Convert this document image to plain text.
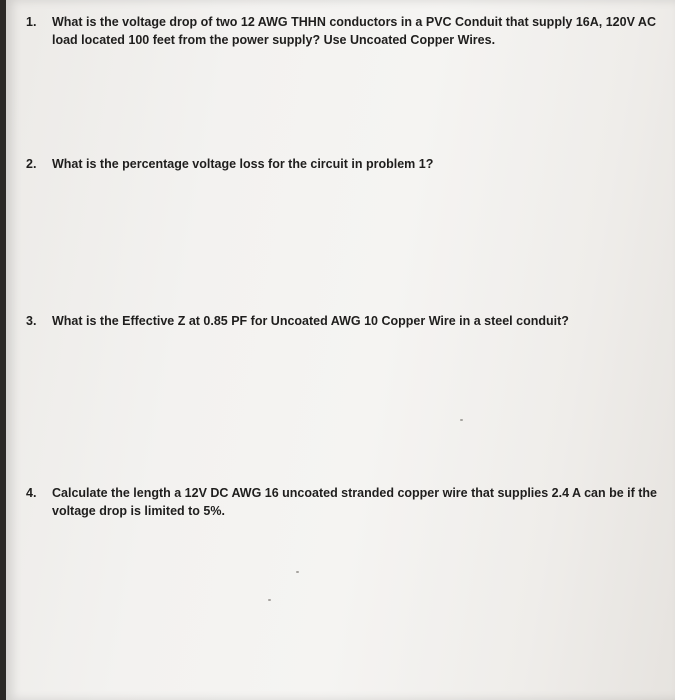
1. What is the voltage drop of two 12 AWG THHN conductors in a PVC Conduit that supply 16A, 120V AC load located 100 feet from the power supply? Use Uncoated Copper Wires.
2. What is the percentage voltage loss for the circuit in problem 1?
3. What is the Effective Z at 0.85 PF for Uncoated AWG 10 Copper Wire in a steel conduit?
4. Calculate the length a 12V DC AWG 16 uncoated stranded copper wire that supplies 2.4 A can be if the voltage drop is limited to 5%.
